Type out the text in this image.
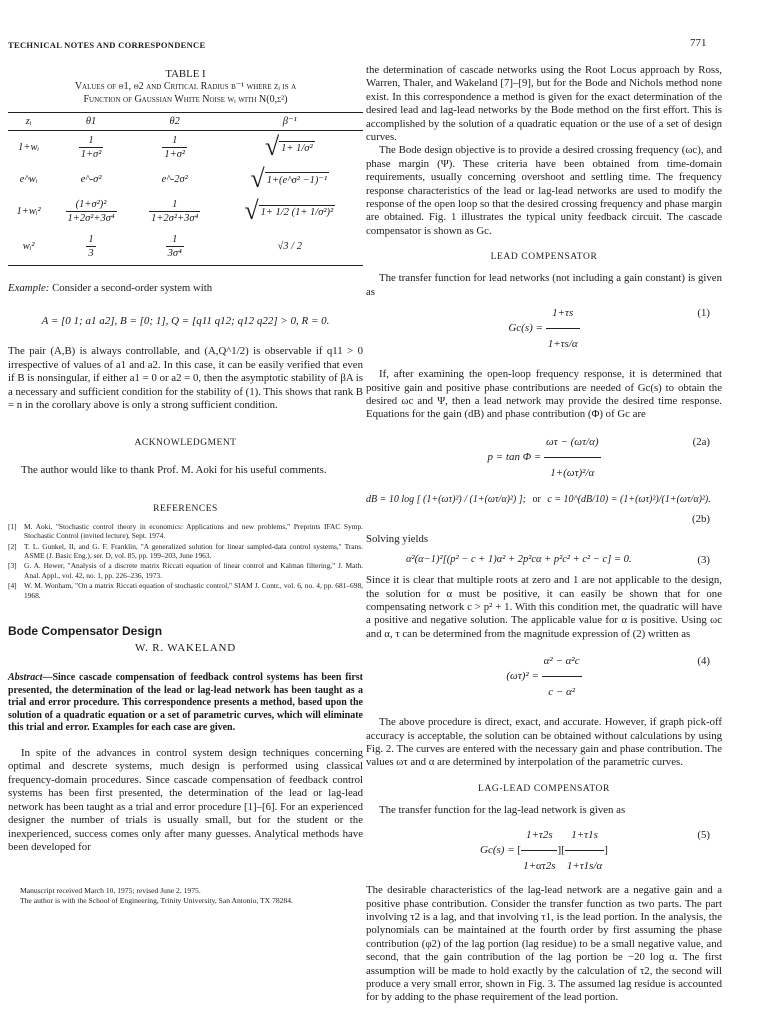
TECHNICAL NOTES AND CORRESPONDENCE	771
TABLE I
Values of θ1, θ2 and Critical Radius β⁻¹ where zᵢ is a
Function of Gaussian White Noise wᵢ with N(0,σ²)
zᵢ	θ1	θ2	β⁻¹
1+wᵢ	$\frac{1}{\text{1+σ²}}$	$\frac{1}{\text{1+σ²}}$	√ 1+ 1/σ²

e^wᵢ	e^-σ²	e^-2σ²	√ 1+(e^σ² −1)⁻¹

1+wᵢ²	$\frac{\text{(1+σ²)²}}{\text{1+2σ²+3σ⁴}}$	$\frac{1}{\text{1+2σ²+3σ⁴}}$	√ 1+ 1/2 (1+ 1/σ²)²

wᵢ²	$\frac{1}{3}$	$\frac{1}{\text{3σ⁴}}$	√3 / 2

Example: Consider a second-order system with

A = [0 1; a1 a2], B = [0; 1], Q = [q11 q12; q12 q22] > 0, R = 0.

The pair (A,B) is always controllable, and (A,Q^1/2) is observable if q11 > 0 irrespective of values of a1 and a2. In this case, it can be easily verified that even if B is nonsingular, if either a1 = 0 or a2 = 0, then the asymptotic stability of βA is a necessary and sufficient condition for the stability of (1). This shows that rank B = n in the corollary above is only a strong sufficient condition.

ACKNOWLEDGMENT

The author would like to thank Prof. M. Aoki for his useful comments.

REFERENCES
[1] M. Aoki, "Stochastic control theory in economics: Applications and new problems," Preprints IFAC Symp. Stochastic Control (invited lecture), Sept. 1974.
[2] T. L. Gunkel, II, and G. F. Franklin, "A generalized solution for linear sampled-data control systems," Trans. ASME (J. Basic Eng.), ser. D, vol. 85, pp. 199–203, June 1963.
[3] G. A. Hewer, "Analysis of a discrete matrix Riccati equation of linear control and Kalman filtering," J. Math. Anal. Appl., vol. 42, no. 1, pp. 226–236, 1973.
[4] W. M. Wonham, "On a matrix Riccati equation of stochastic control," SIAM J. Contr., vol. 6, no. 4, pp. 681–698, 1968.
Bode Compensator Design
W. R. WAKELAND
Abstract—Since cascade compensation of feedback control systems has been first presented, the determination of the lead or lag-lead network has been taught as a trial and error procedure. This correspondence presents a method, based upon the solution of a quadratic equation or a set of parametric curves, which will eliminate this trial and error. Examples for each case are given.

In spite of the advances in control system design techniques concerning optimal and descrete systems, much design is performed using classical frequency-domain procedures. Since cascade compensation of feedback control systems has been first presented, the determination of the lead or lag-lead network has been taught as a trial and error procedure [1]–[6]. For an experienced designer the number of trials is usually small, but for the student or the inexperienced, success comes only after many guesses. Analytical methods have been developed for

Manuscript received March 10, 1975; revised June 2, 1975.
The author is with the School of Engineering, Trinity University, San Antonio, TX 78284.

the determination of cascade networks using the Root Locus approach by Ross, Warren, Thaler, and Wakeland [7]–[9], but for the Bode and Nichols method none exist. In this correspondence a method is given for the exact determination of the desired lead and lag-lead networks by the Bode method on the first effort. This is accomplished by the solution of a quadratic equation or the use of a set of design curves.

The Bode design objective is to provide a desired crossing frequency (ωc), and phase margin (Ψ). These criteria have been obtained from time-domain requirements, usually concerning overshoot and settling time. The frequency response characteristics of the lead or lag-lead networks are used to modify the response of the open loop so that the desired crossing frequency and phase margin are obtained. Fig. 1 illustrates the typical unity feedback circuit. The cascade compensator is shown as Gc.

LEAD COMPENSATOR

The transfer function for lead networks (not including a gain constant) is given as

$Gc(s) = \frac{1+\tau s}{1+\tau s/\alpha}$	(1)

If, after examining the open-loop frequency response, it is determined that positive gain and positive phase contributions are needed of Gc(s) to obtain the desired ωc and Ψ, then a lead network may provide the desired time response. Equations for the gain (dB) and phase contribution (Φ) of Gc are

$p = \tan \Phi = \frac{\omega\tau - (\omega\tau/\alpha)}{\text{1+(ωτ)²/α}}$	(2a)
dB = 10 log [ (1+(ωτ)²) / (1+(ωτ/α)²) ]; or c = 10^(dB/10) = (1+(ωτ)²)/(1+(ωτ/α)²).
(2b)

Solving yields

α²(α−1)²[(p² − c + 1)α² + 2p²cα + p²c² + c² − c] = 0.	(3)

Since it is clear that multiple roots at zero and 1 are not applicable to the design, the solution for α must be positive, it can easily be shown that for one compensating network c > p² + 1. With this condition met, the quadratic will have a positive and negative solution. The applicable value for α is positive. Using ωc and α, τ can be determined from the magnitude expression of (2) written as

$(\omega\tau)^2 = \frac{\text{α² − α²c}}{\text{c − α²}}$	(4)

The above procedure is direct, exact, and accurate. However, if graph pick-off accuracy is acceptable, the solution can be obtained without calculations by using Fig. 2. The curves are entered with the necessary gain and phase contribution. The values ωτ and α are determined by interpolation of the parametric curves.

LAG-LEAD COMPENSATOR

The transfer function for the lag-lead network is given as

Gc(s) = [ $\frac{1+\tau 2s}{1+\alpha\tau 2s}$ ][ $\frac{1+\tau 1s}{1+\tau 1s/\alpha}$ ]
(5)

The desirable characteristics of the lag-lead network are a negative gain and a positive phase contribution. Consider the transfer function as two parts. The part involving τ2 is a lag, and that involving τ1, is the lead portion. In the analysis, the polynomials can be maintained at the fourth order by first assuming the phase contribution (φ2) of the lag portion (lag residue) to be a small negative value, and second, that the gain contribution of the lag portion be −20 log α. The first assumption will be made to hold exactly by the calculation of τ2, the second will produce a very small error, shown in Fig. 3. The assumed lag residue is accounted for by adding to the phase requirement of the lead portion.
